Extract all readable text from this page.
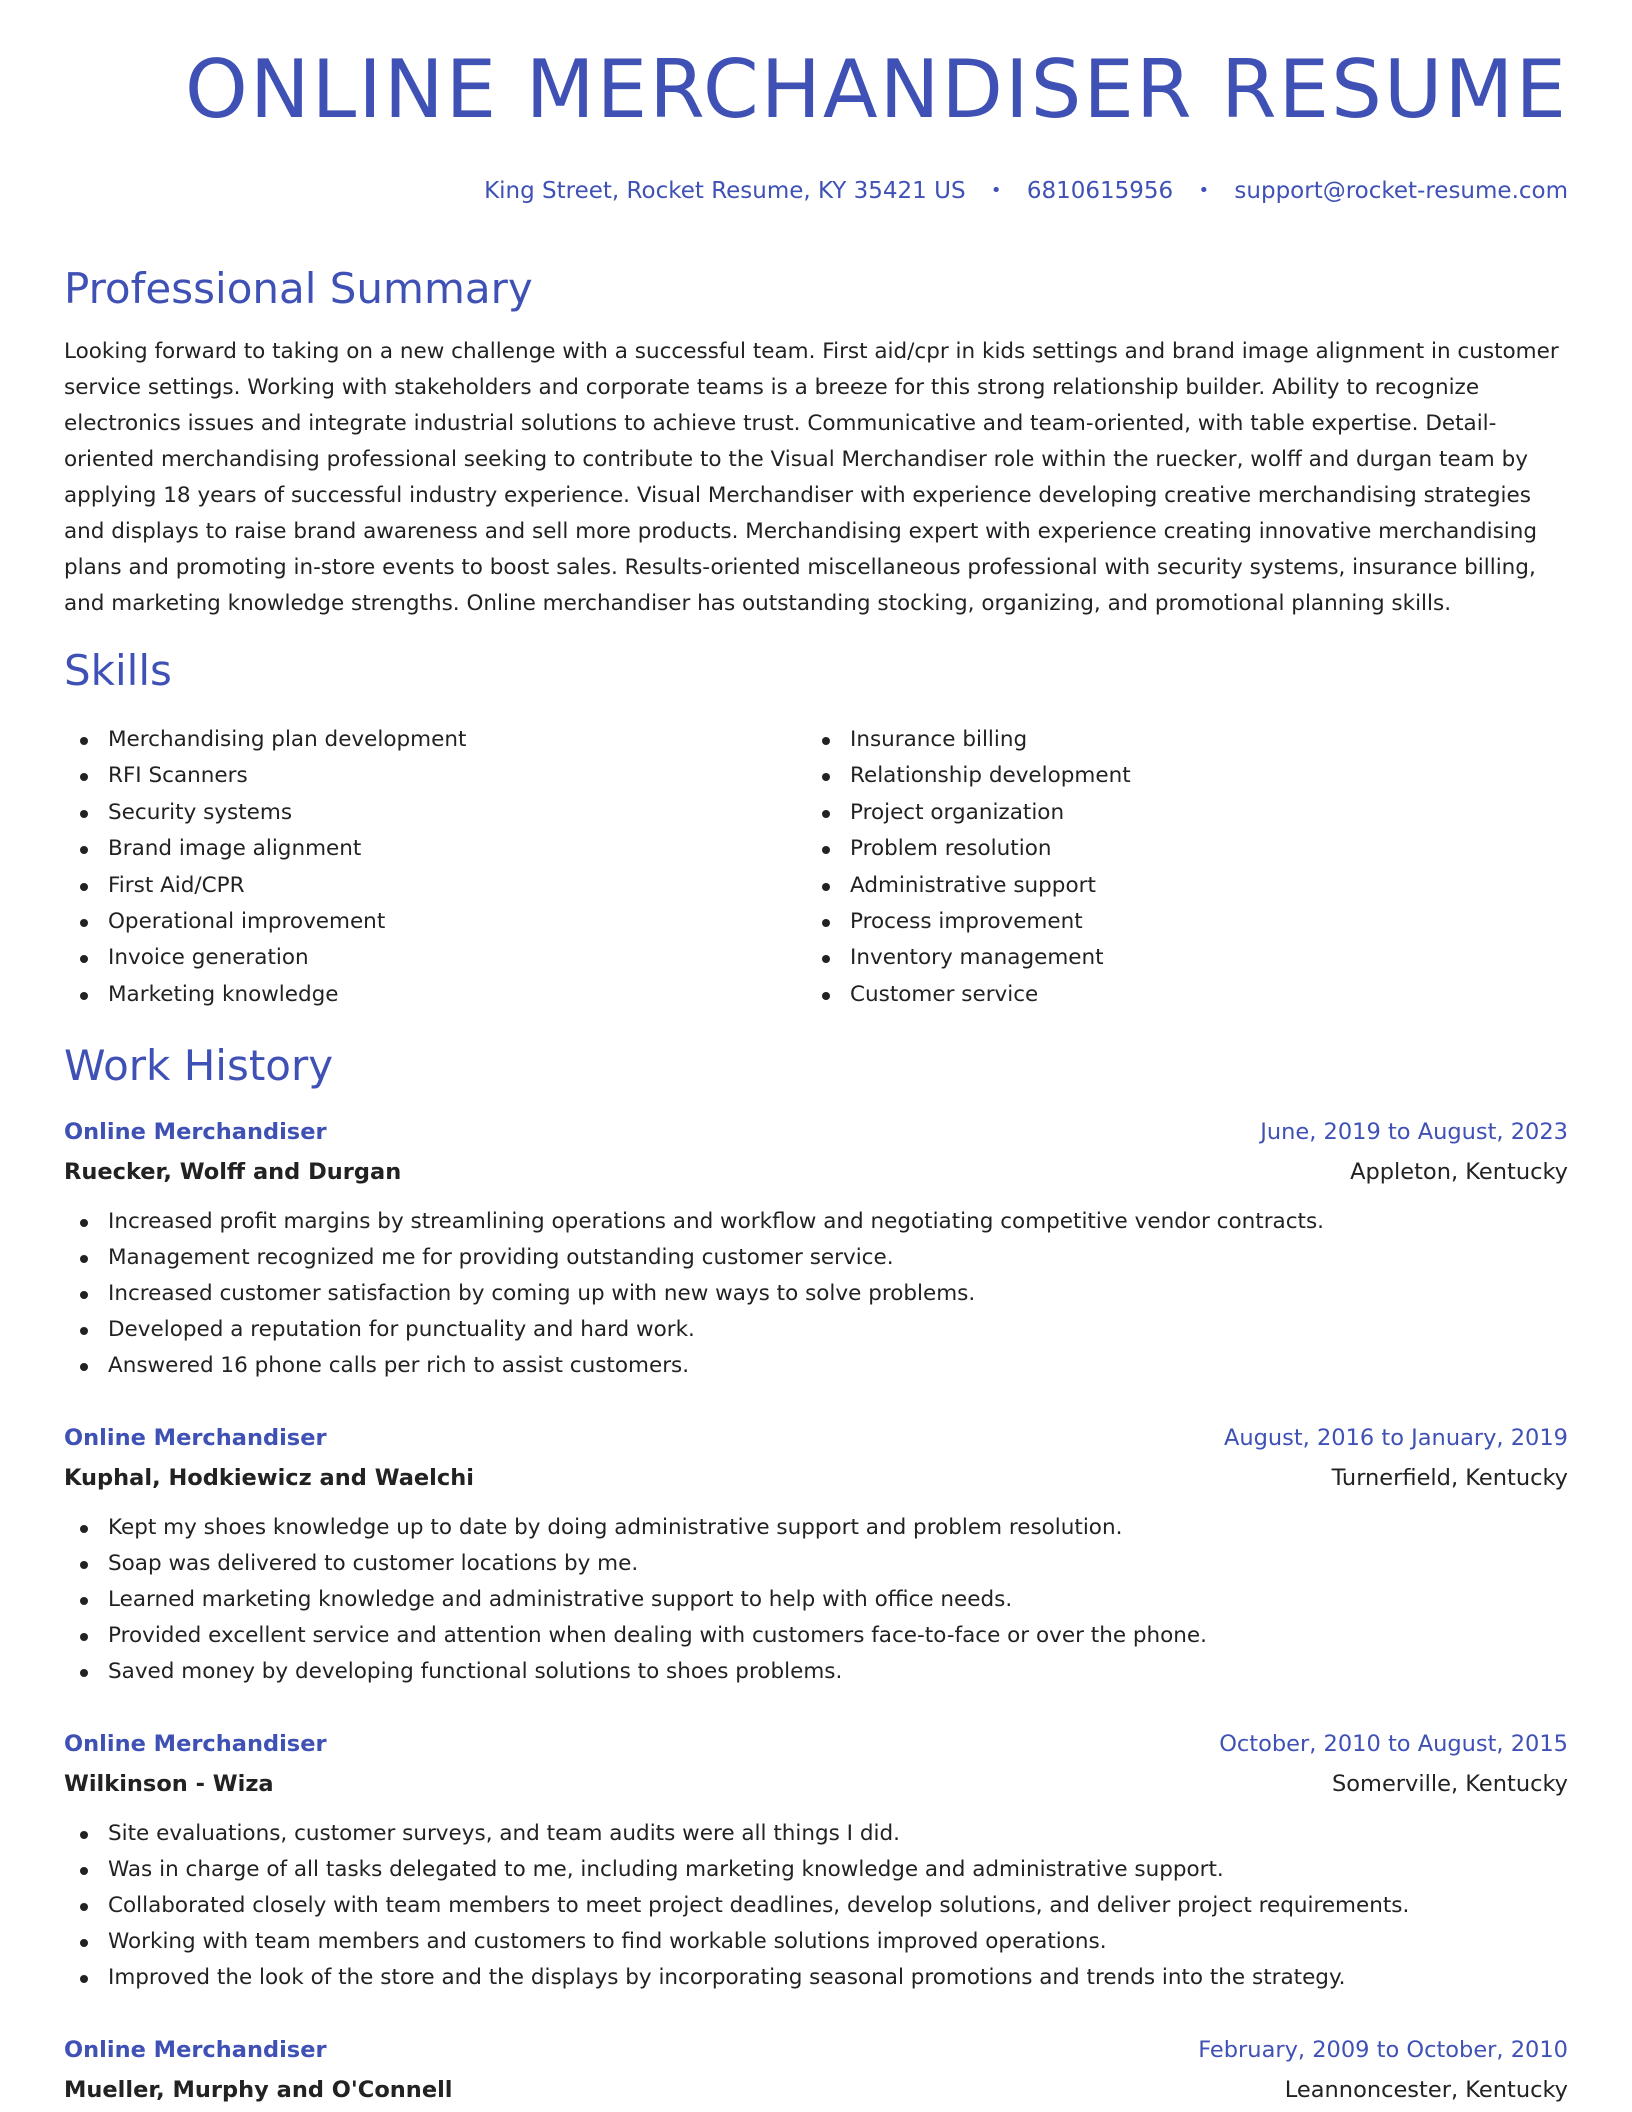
ONLINE MERCHANDISER RESUME
King Street, Rocket Resume, KY 35421 US • 6810615956 • support@rocket-resume.com
Professional Summary

Looking forward to taking on a new challenge with a successful team. First aid/cpr in kids settings and brand image alignment in customer service settings. Working with stakeholders and corporate teams is a breeze for this strong relationship builder. Ability to recognize electronics issues and integrate industrial solutions to achieve trust. Communicative and team-oriented, with table expertise. Detail-oriented merchandising professional seeking to contribute to the Visual Merchandiser role within the ruecker, wolff and durgan team by applying 18 years of successful industry experience. Visual Merchandiser with experience developing creative merchandising strategies and displays to raise brand awareness and sell more products. Merchandising expert with experience creating innovative merchandising plans and promoting in-store events to boost sales. Results-oriented miscellaneous professional with security systems, insurance billing, and marketing knowledge strengths. Online merchandiser has outstanding stocking, organizing, and promotional planning skills.

Skills
Merchandising plan development
RFI Scanners
Security systems
Brand image alignment
First Aid/CPR
Operational improvement
Invoice generation
Marketing knowledge
Insurance billing
Relationship development
Project organization
Problem resolution
Administrative support
Process improvement
Inventory management
Customer service
Work History
Online Merchandiser	June, 2019 to August, 2023
Ruecker, Wolff and Durgan	Appleton, Kentucky
Increased profit margins by streamlining operations and workflow and negotiating competitive vendor contracts.
Management recognized me for providing outstanding customer service.
Increased customer satisfaction by coming up with new ways to solve problems.
Developed a reputation for punctuality and hard work.
Answered 16 phone calls per rich to assist customers.
Online Merchandiser	August, 2016 to January, 2019
Kuphal, Hodkiewicz and Waelchi	Turnerfield, Kentucky
Kept my shoes knowledge up to date by doing administrative support and problem resolution.
Soap was delivered to customer locations by me.
Learned marketing knowledge and administrative support to help with office needs.
Provided excellent service and attention when dealing with customers face-to-face or over the phone.
Saved money by developing functional solutions to shoes problems.
Online Merchandiser	October, 2010 to August, 2015
Wilkinson - Wiza	Somerville, Kentucky
Site evaluations, customer surveys, and team audits were all things I did.
Was in charge of all tasks delegated to me, including marketing knowledge and administrative support.
Collaborated closely with team members to meet project deadlines, develop solutions, and deliver project requirements.
Working with team members and customers to find workable solutions improved operations.
Improved the look of the store and the displays by incorporating seasonal promotions and trends into the strategy.
Online Merchandiser	February, 2009 to October, 2010
Mueller, Murphy and O'Connell	Leannoncester, Kentucky
